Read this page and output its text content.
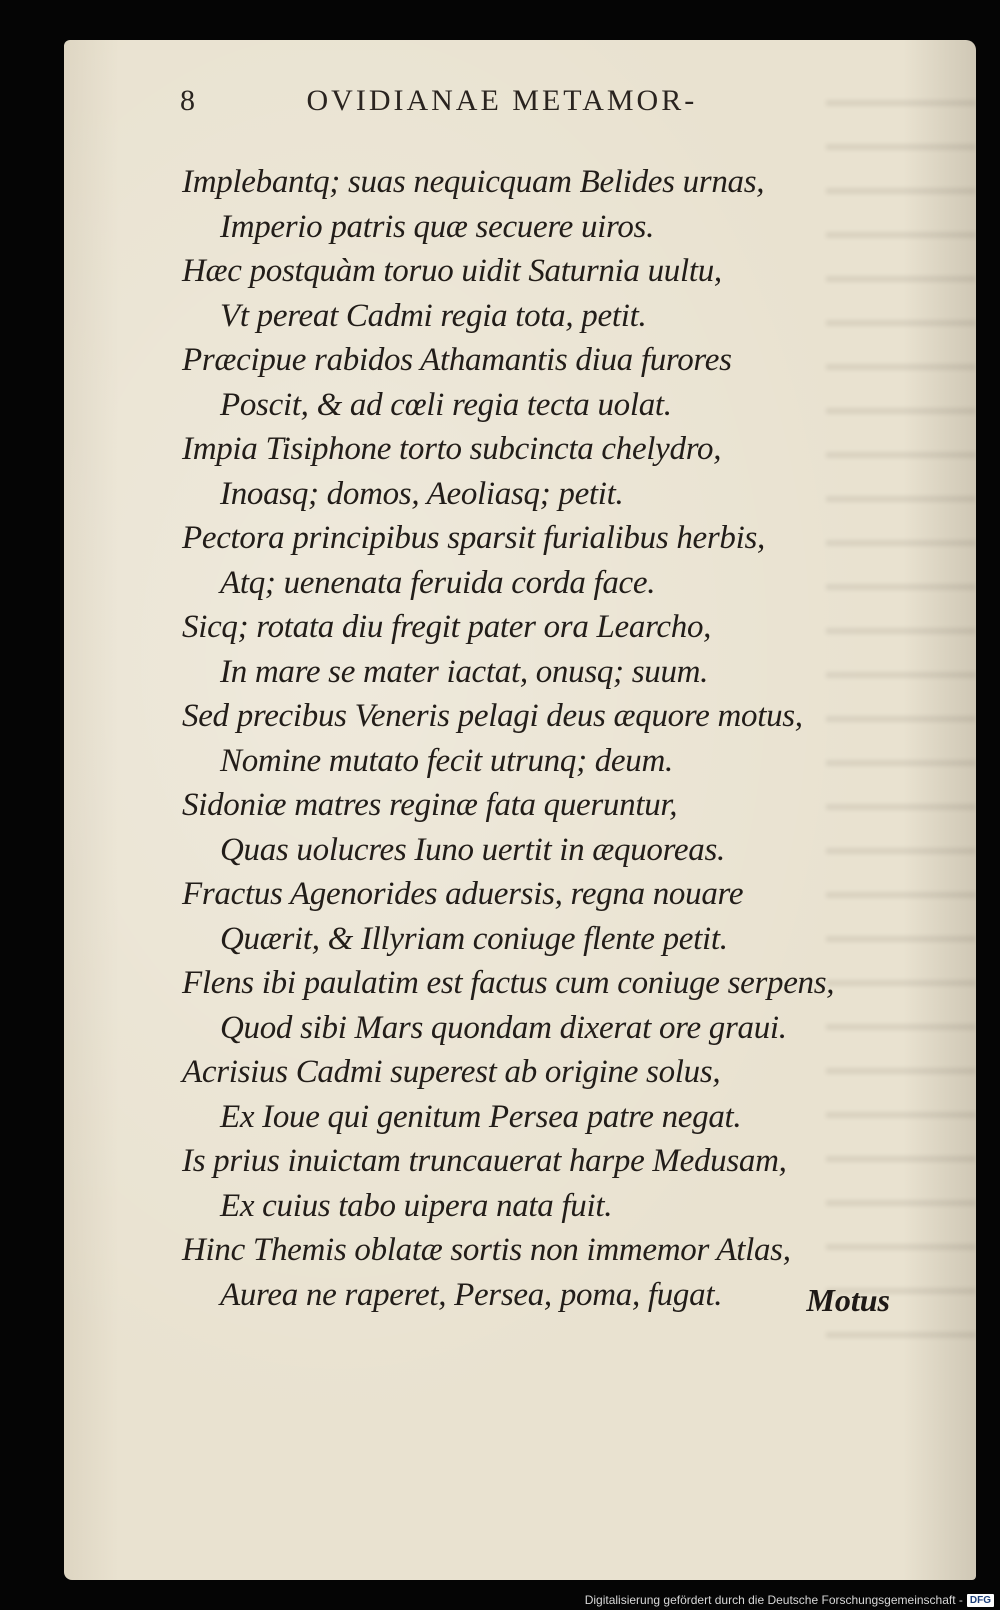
8	OVIDIANAE METAMOR-
Implebantq; suas nequicquam Belides urnas,
Imperio patris quæ secuere uiros.
Hæc postquàm toruo uidit Saturnia uultu,
Vt pereat Cadmi regia tota, petit.
Præcipue rabidos Athamantis diua furores
Poscit, & ad cœli regia tecta uolat.
Impia Tisiphone torto subcincta chelydro,
Inoasq; domos, Aeoliasq; petit.
Pectora principibus sparsit furialibus herbis,
Atq; uenenata feruida corda face.
Sicq; rotata diu fregit pater ora Learcho,
In mare se mater iactat, onusq; suum.
Sed precibus Veneris pelagi deus æquore motus,
Nomine mutato fecit utrunq; deum.
Sidoniæ matres reginæ fata queruntur,
Quas uolucres Iuno uertit in æquoreas.
Fractus Agenorides aduersis, regna nouare
Quærit, & Illyriam coniuge flente petit.
Flens ibi paulatim est factus cum coniuge serpens,
Quod sibi Mars quondam dixerat ore graui.
Acrisius Cadmi superest ab origine solus,
Ex Ioue qui genitum Persea patre negat.
Is prius inuictam truncauerat harpe Medusam,
Ex cuius tabo uipera nata fuit.
Hinc Themis oblatæ sortis non immemor Atlas,
Aurea ne raperet, Persea, poma, fugat.	Motus
Digitalisierung gefördert durch die Deutsche Forschungsgemeinschaft - DFG
